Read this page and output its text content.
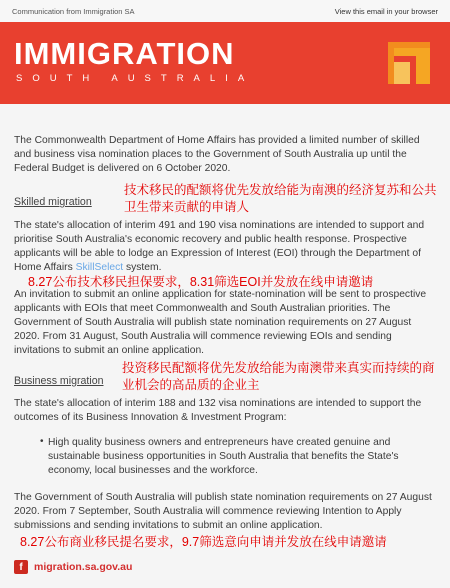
Communication from Immigration SA	View this email in your browser
IMMIGRATION
SOUTH AUSTRALIA

The Commonwealth Department of Home Affairs has provided a limited number of skilled and business visa nomination places to the Government of South Australia up until the Federal Budget is delivered on 6 October 2020.

Skilled migration

技术移民的配额将优先发放给能为南澳的经济复苏和公共卫生带来贡献的申请人

The state's allocation of interim 491 and 190 visa nominations are intended to support and prioritise South Australia's economic recovery and public health response. Prospective applicants will be able to lodge an Expression of Interest (EOI) through the Department of Home Affairs SkillSelect system.

8.27公布技术移民担保要求，8.31筛选EOI并发放在线申请邀请

An invitation to submit an online application for state-nomination will be sent to prospective applicants with EOIs that meet Commonwealth and South Australian priorities. The Government of South Australia will publish state nomination requirements on 27 August 2020. From 31 August, South Australia will commence reviewing EOIs and sending invitations to submit an online application.

Business migration

投资移民配额将优先发放给能为南澳带来真实而持续的商业机会的高品质的企业主

The state's allocation of interim 188 and 132 visa nominations are intended to support the outcomes of its Business Innovation & Investment Program:

• High quality business owners and entrepreneurs have created genuine and sustainable business opportunities in South Australia that benefits the State's economy, local businesses and the workforce.

The Government of South Australia will publish state nomination requirements on 27 August 2020. From 7 September, South Australia will commence reviewing Intention to Apply submissions and sending invitations to submit an online application.

8.27公布商业移民提名要求，9.7筛选意向申请并发放在线申请邀请

f	migration.sa.gov.au
